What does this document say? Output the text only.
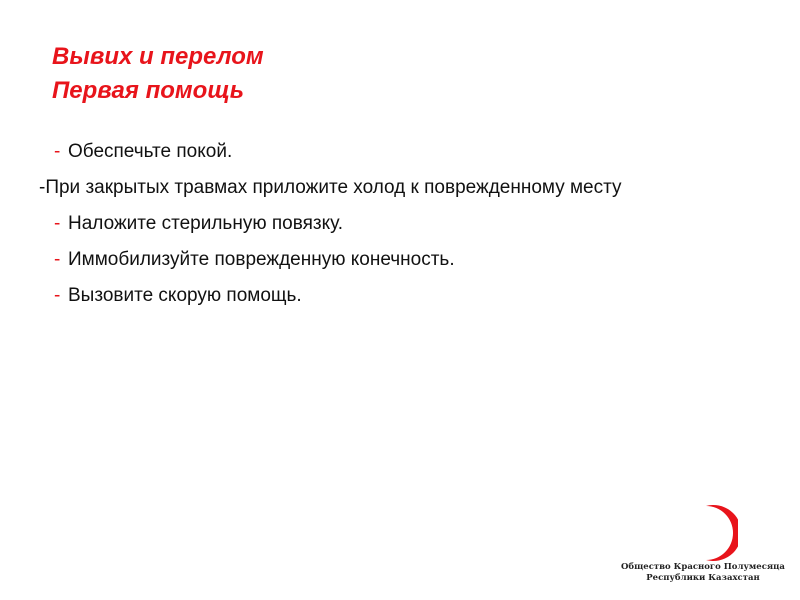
Вывих и перелом
Первая помощь
- Обеспечьте покой.
-При закрытых травмах приложите холод к поврежденному месту
- Наложите стерильную повязку.
- Иммобилизуйте поврежденную конечность.
- Вызовите скорую помощь.
Общество Красного Полумесяца
Республики Казахстан
